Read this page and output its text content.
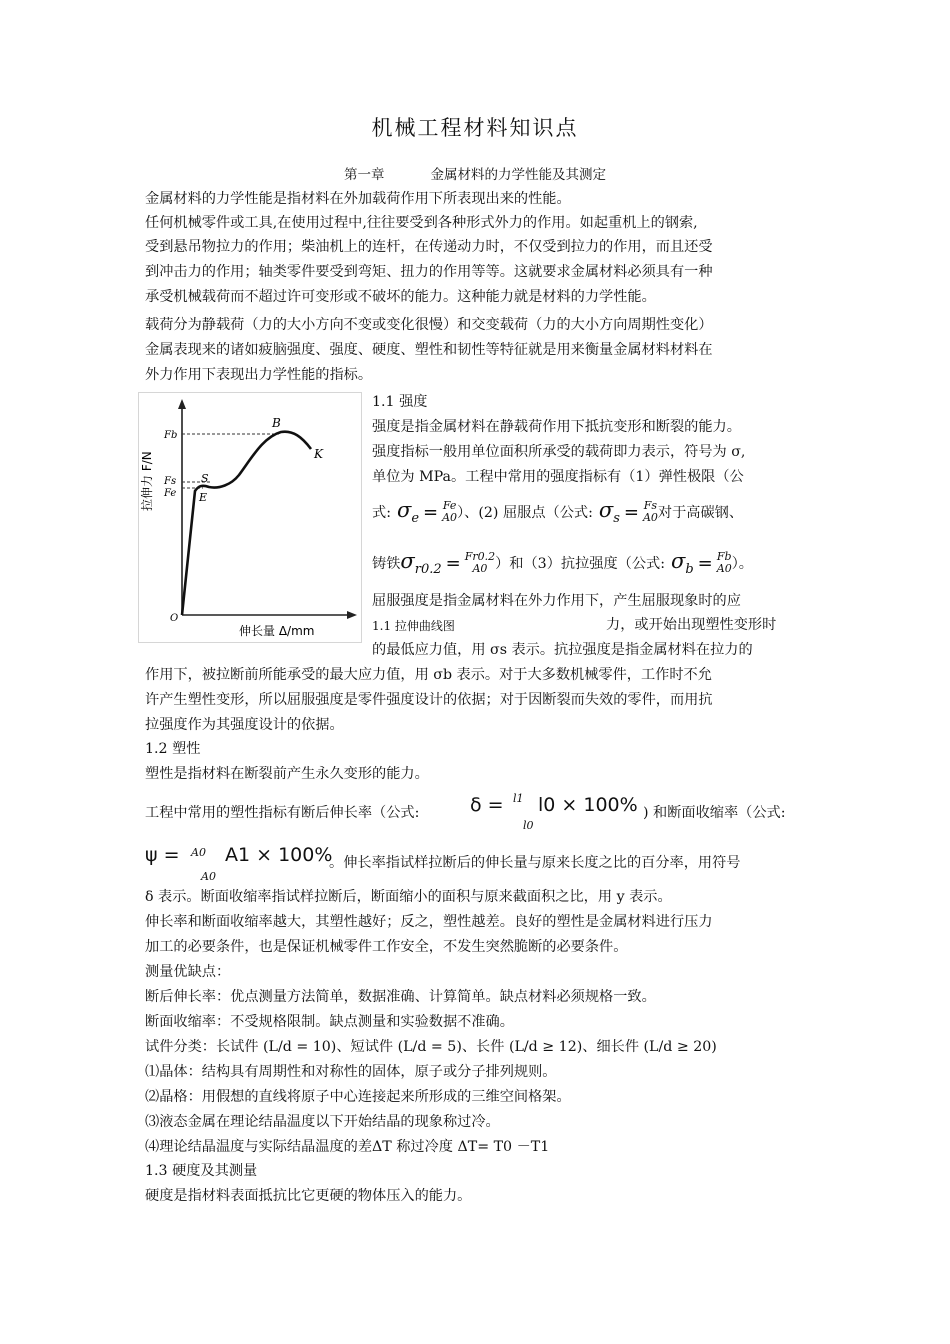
机械工程材料知识点
第一章	金属材料的力学性能及其测定
金属材料的力学性能是指材料在外加载荷作用下所表现出来的性能。
任何机械零件或工具,在使用过程中,往往要受到各种形式外力的作用。如起重机上的钢索,
受到悬吊物拉力的作用；柴油机上的连杆，在传递动力时，不仅受到拉力的作用，而且还受
到冲击力的作用；轴类零件要受到弯矩、扭力的作用等等。这就要求金属材料必须具有一种
承受机械载荷而不超过许可变形或不破坏的能力。这种能力就是材料的力学性能。
载荷分为静载荷（力的大小方向不变或变化很慢）和交变载荷（力的大小方向周期性变化）
金属表现来的诸如疲脑强度、强度、硬度、塑性和韧性等特征就是用来衡量金属材料材料在
外力作用下表现出力学性能的指标。
拉伸力 F/N
伸长量 Δ/mm
O
E
S
B
K
Fb
Fs
Fe
1.1 强度
强度是指金属材料在静载荷作用下抵抗变形和断裂的能力。
强度指标一般用单位面积所承受的载荷即力表示，符号为 σ,
单位为 MPa。工程中常用的强度指标有（1）弹性极限（公
式: $\sigma_e = Fe$
A0 ）、(2) 屈服点（公式: $\sigma_s = Fs$
A0 对于高碳钢、
铸铁 $\sigma_{r0.2} = Fr0.2$
A0 ）和（3）抗拉强度（公式: $\sigma_b = Fb$
A0 ）。
屈服强度是指金属材料在外力作用下，产生屈服现象时的应
1.1 拉伸曲线图	力，或开始出现塑性变形时
的最低应力值，用 σs 表示。抗拉强度是指金属材料在拉力的
作用下，被拉断前所能承受的最大应力值，用 σb 表示。对于大多数机械零件，工作时不允
许产生塑性变形，所以屈服强度是零件强度设计的依据；对于因断裂而失效的零件，而用抗
拉强度作为其强度设计的依据。
1.2 塑性
塑性是指材料在断裂前产生永久变形的能力。
工程中常用的塑性指标有断后伸长率（公式:	δ = l1 l0 × 100%
l0
) 和断面收缩率（公式:
ψ = A0 A1 × 100%
A0
。伸长率指试样拉断后的伸长量与原来长度之比的百分率，用符号
δ 表示。断面收缩率指试样拉断后，断面缩小的面积与原来截面积之比，用 y 表示。
伸长率和断面收缩率越大，其塑性越好；反之，塑性越差。良好的塑性是金属材料进行压力
加工的必要条件，也是保证机械零件工作安全，不发生突然脆断的必要条件。
测量优缺点：
断后伸长率：优点测量方法简单，数据准确、计算简单。缺点材料必须规格一致。
断面收缩率：不受规格限制。缺点测量和实验数据不准确。
试件分类：长试件 (L/d = 10)、短试件 (L/d = 5)、长件 (L/d ≥ 12)、细长件 (L/d ≥ 20)
⑴晶体：结构具有周期性和对称性的固体，原子或分子排列规则。
⑵晶格：用假想的直线将原子中心连接起来所形成的三维空间格架。
⑶液态金属在理论结晶温度以下开始结晶的现象称过冷。
⑷理论结晶温度与实际结晶温度的差ΔT 称过冷度 ΔT= T0 －T1
1.3 硬度及其测量
硬度是指材料表面抵抗比它更硬的物体压入的能力。
